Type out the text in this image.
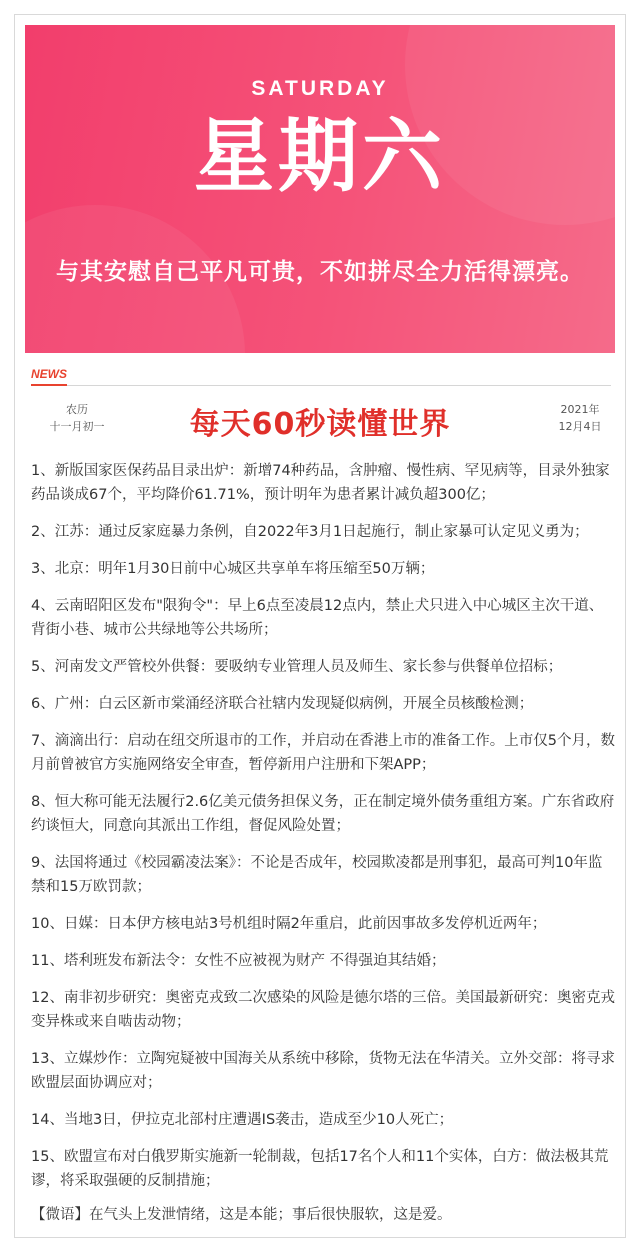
SATURDAY
星期六
与其安慰自己平凡可贵，不如拼尽全力活得漂亮。
NEWS
农历
十一月初一	每天60秒读懂世界	2021年
12月4日
1、新版国家医保药品目录出炉：新增74种药品，含肿瘤、慢性病、罕见病等，目录外独家药品谈成67个，平均降价61.71%，预计明年为患者累计减负超300亿；
2、江苏：通过反家庭暴力条例，自2022年3月1日起施行，制止家暴可认定见义勇为；
3、北京：明年1月30日前中心城区共享单车将压缩至50万辆；
4、云南昭阳区发布"限狗令"：早上6点至凌晨12点内，禁止犬只进入中心城区主次干道、背街小巷、城市公共绿地等公共场所；
5、河南发文严管校外供餐：要吸纳专业管理人员及师生、家长参与供餐单位招标；
6、广州：白云区新市棠涌经济联合社辖内发现疑似病例，开展全员核酸检测；
7、滴滴出行：启动在纽交所退市的工作，并启动在香港上市的准备工作。上市仅5个月，数月前曾被官方实施网络安全审查，暂停新用户注册和下架APP；
8、恒大称可能无法履行2.6亿美元债务担保义务，正在制定境外债务重组方案。广东省政府约谈恒大，同意向其派出工作组，督促风险处置；
9、法国将通过《校园霸凌法案》：不论是否成年，校园欺凌都是刑事犯，最高可判10年监禁和15万欧罚款；
10、日媒：日本伊方核电站3号机组时隔2年重启，此前因事故多发停机近两年；
11、塔利班发布新法令：女性不应被视为财产 不得强迫其结婚；
12、南非初步研究：奥密克戎致二次感染的风险是德尔塔的三倍。美国最新研究：奥密克戎变异株或来自啮齿动物；
13、立媒炒作：立陶宛疑被中国海关从系统中移除，货物无法在华清关。立外交部：将寻求欧盟层面协调应对；
14、当地3日，伊拉克北部村庄遭遇IS袭击，造成至少10人死亡；
15、欧盟宣布对白俄罗斯实施新一轮制裁，包括17名个人和11个实体，白方：做法极其荒谬，将采取强硬的反制措施；
【微语】在气头上发泄情绪，这是本能；事后很快服软，这是爱。
